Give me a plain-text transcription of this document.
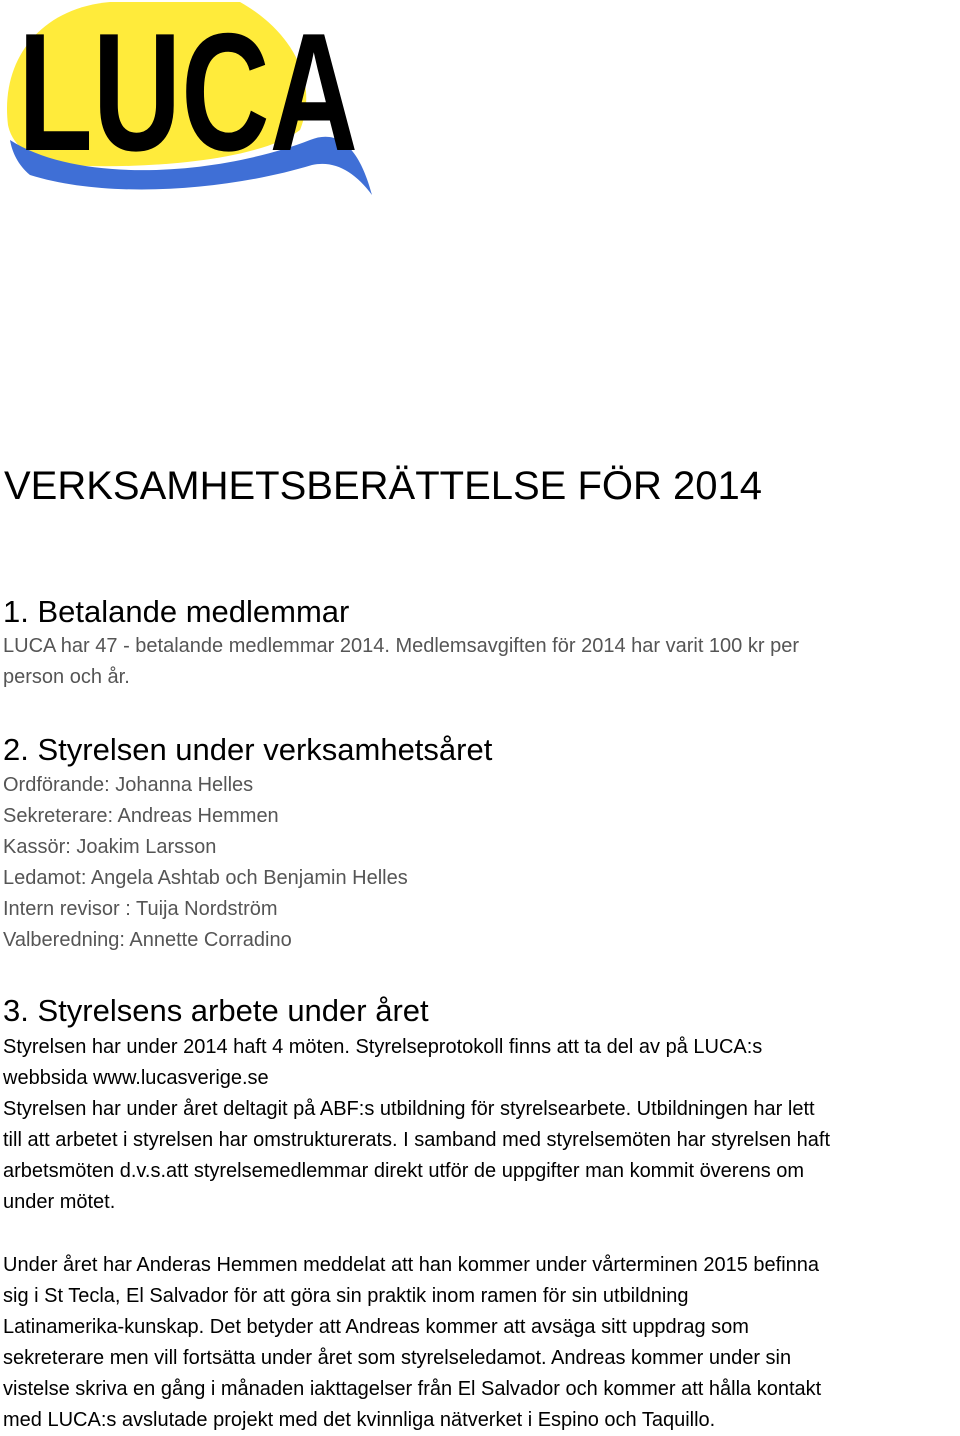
LUCA
VERKSAMHETSBERÄTTELSE FÖR 2014
1. Betalande medlemmar
LUCA har 47 - betalande medlemmar 2014. Medlemsavgiften för 2014 har varit 100 kr per
person och år.
2. Styrelsen under verksamhetsåret
Ordförande: Johanna Helles
Sekreterare: Andreas Hemmen
Kassör: Joakim Larsson
Ledamot: Angela Ashtab och Benjamin Helles
Intern revisor : Tuija Nordström
Valberedning: Annette Corradino
3. Styrelsens arbete under året
Styrelsen har under 2014 haft 4 möten. Styrelseprotokoll finns att ta del av på LUCA:s
webbsida www.lucasverige.se
Styrelsen har under året deltagit på ABF:s utbildning för styrelsearbete. Utbildningen har lett
till att arbetet i styrelsen har omstrukturerats. I samband med styrelsemöten har styrelsen haft
arbetsmöten d.v.s.att styrelsemedlemmar direkt utför de uppgifter man kommit överens om
under mötet.
Under året har Anderas Hemmen meddelat att han kommer under vårterminen 2015 befinna
sig i St Tecla, El Salvador för att göra sin praktik inom ramen för sin utbildning
Latinamerika-kunskap. Det betyder att Andreas kommer att avsäga sitt uppdrag som
sekreterare men vill fortsätta under året som styrelseledamot. Andreas kommer under sin
vistelse skriva en gång i månaden iakttagelser från El Salvador och kommer att hålla kontakt
med LUCA:s avslutade projekt med det kvinnliga nätverket i Espino och Taquillo.
